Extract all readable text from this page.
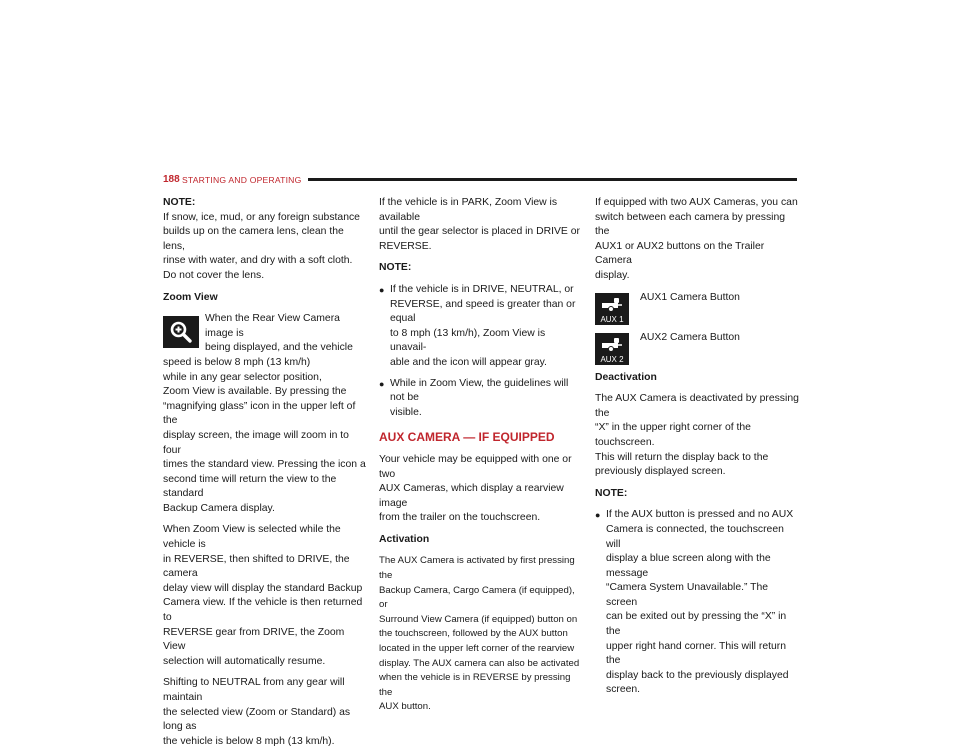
188 STARTING AND OPERATING
NOTE:

If snow, ice, mud, or any foreign substance
builds up on the camera lens, clean the lens,
rinse with water, and dry with a soft cloth.
Do not cover the lens.

Zoom View

When the Rear View Camera image is
being displayed, and the vehicle
speed is below 8 mph (13 km/h)
while in any gear selector position,
Zoom View is available. By pressing the
“magnifying glass” icon in the upper left of the
display screen, the image will zoom in to four
times the standard view. Pressing the icon a
second time will return the view to the standard
Backup Camera display.

When Zoom View is selected while the vehicle is
in REVERSE, then shifted to DRIVE, the camera
delay view will display the standard Backup
Camera view. If the vehicle is then returned to
REVERSE gear from DRIVE, the Zoom View
selection will automatically resume.

Shifting to NEUTRAL from any gear will maintain
the selected view (Zoom or Standard) as long as
the vehicle is below 8 mph (13 km/h).

If the vehicle is in PARK, Zoom View is available
until the gear selector is placed in DRIVE or
REVERSE.

NOTE:

● If the vehicle is in DRIVE, NEUTRAL, or
REVERSE, and speed is greater than or equal
to 8 mph (13 km/h), Zoom View is unavail-
able and the icon will appear gray.
● While in Zoom View, the guidelines will not be
visible.
AUX CAMERA — IF EQUIPPED

Your vehicle may be equipped with one or two
AUX Cameras, which display a rearview image
from the trailer on the touchscreen.

Activation

The AUX Camera is activated by first pressing the
Backup Camera, Cargo Camera (if equipped), or
Surround View Camera (if equipped) button on
the touchscreen, followed by the AUX button
located in the upper left corner of the rearview
display. The AUX camera can also be activated
when the vehicle is in REVERSE by pressing the
AUX button.

If equipped with two AUX Cameras, you can
switch between each camera by pressing the
AUX1 or AUX2 buttons on the Trailer Camera
display.

AUX 1
AUX1 Camera Button
AUX 2
AUX2 Camera Button

Deactivation

The AUX Camera is deactivated by pressing the
“X” in the upper right corner of the touchscreen.
This will return the display back to the
previously displayed screen.

NOTE:

● If the AUX button is pressed and no AUX
Camera is connected, the touchscreen will
display a blue screen along with the message
“Camera System Unavailable.” The screen
can be exited out by pressing the “X” in the
upper right hand corner. This will return the
display back to the previously displayed
screen.
